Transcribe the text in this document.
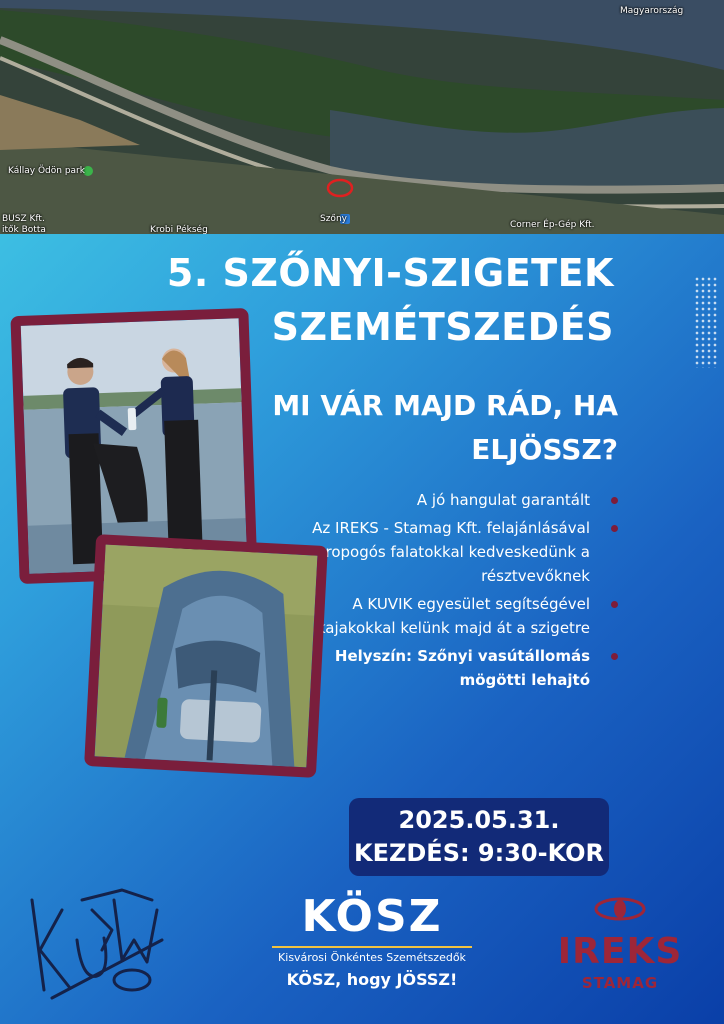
Magyarország
Kállay Ödön park
BUSZ Kft.
itők Botta	Krobi Pékség
Szőny
Corner Ép-Gép Kft.
5. SZŐNYI-SZIGETEK
SZEMÉTSZEDÉS
MI VÁR MAJD RÁD, HA
ELJÖSSZ?
A jó hangulat garantált
Az IREKS - Stamag Kft. felajánlásával ropogós falatokkal kedveskedünk a résztvevőknek
A KUVIK egyesület segítségével kajakokkal kelünk majd át a szigetre
Helyszín: Szőnyi vasútállomás mögötti lehajtó
2025.05.31.
KEZDÉS: 9:30-KOR
KÖSZ
Kisvárosi Önkéntes Szemétszedők
KÖSZ, hogy JÖSSZ!
IREKS
STAMAG
